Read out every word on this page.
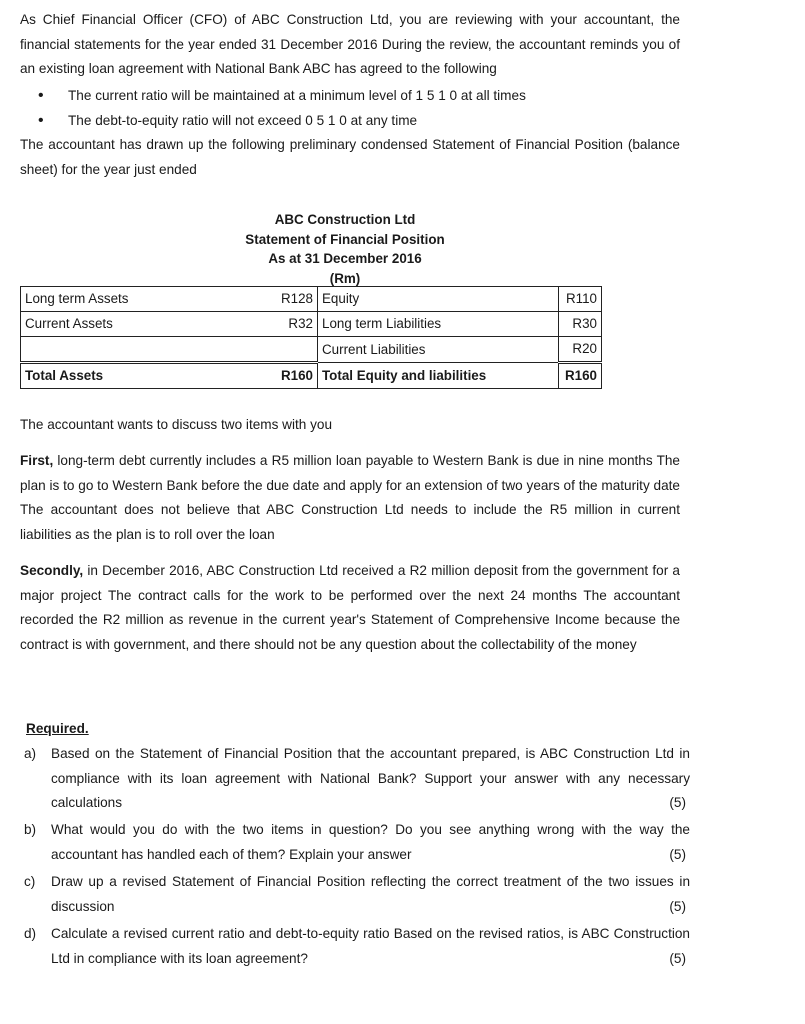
As Chief Financial Officer (CFO) of ABC Construction Ltd, you are reviewing with your accountant, the financial statements for the year ended 31 December 2016 During the review, the accountant reminds you of an existing loan agreement with National Bank ABC has agreed to the following
• The current ratio will be maintained at a minimum level of 1 5 1 0 at all times
• The debt-to-equity ratio will not exceed 0 5 1 0 at any time
The accountant has drawn up the following preliminary condensed Statement of Financial Position (balance sheet) for the year just ended
ABC Construction Ltd
Statement of Financial Position
As at 31 December 2016
(Rm)
Long term Assets	R128	Equity	R110
Current Assets	R32	Long term Liabilities	R30
		Current Liabilities	R20
Total Assets	R160	Total Equity and liabilities	R160
The accountant wants to discuss two items with you
First, long-term debt currently includes a R5 million loan payable to Western Bank is due in nine months The plan is to go to Western Bank before the due date and apply for an extension of two years of the maturity date The accountant does not believe that ABC Construction Ltd needs to include the R5 million in current liabilities as the plan is to roll over the loan
Secondly, in December 2016, ABC Construction Ltd received a R2 million deposit from the government for a major project The contract calls for the work to be performed over the next 24 months The accountant recorded the R2 million as revenue in the current year's Statement of Comprehensive Income because the contract is with government, and there should not be any question about the collectability of the money
Required.
a) Based on the Statement of Financial Position that the accountant prepared, is ABC Construction Ltd in compliance with its loan agreement with National Bank? Support your answer with any necessary calculations	(5)
b) What would you do with the two items in question? Do you see anything wrong with the way the accountant has handled each of them? Explain your answer	(5)
c) Draw up a revised Statement of Financial Position reflecting the correct treatment of the two issues in discussion	(5)
d) Calculate a revised current ratio and debt-to-equity ratio Based on the revised ratios, is ABC Construction Ltd in compliance with its loan agreement?	(5)
